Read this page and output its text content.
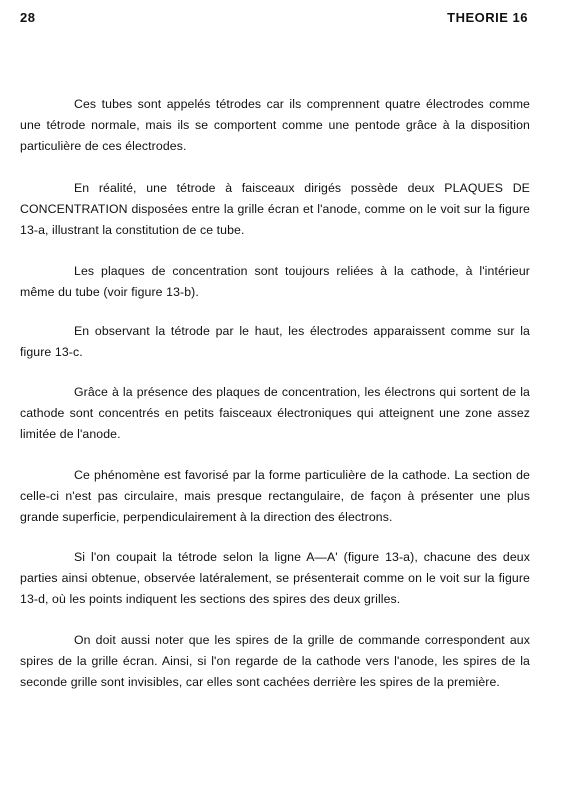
28	THEORIE 16

Ces tubes sont appelés tétrodes car ils comprennent quatre électrodes comme une tétrode normale, mais ils se comportent comme une pentode grâce à la disposition particulière de ces électrodes.

En réalité, une tétrode à faisceaux dirigés possède deux PLAQUES DE CONCENTRATION disposées entre la grille écran et l'anode, comme on le voit sur la figure 13-a, illustrant la constitution de ce tube.

Les plaques de concentration sont toujours reliées à la cathode, à l'intérieur même du tube (voir figure 13-b).

En observant la tétrode par le haut, les électrodes apparaissent comme sur la figure 13-c.

Grâce à la présence des plaques de concentration, les électrons qui sortent de la cathode sont concentrés en petits faisceaux électroniques qui atteignent une zone assez limitée de l'anode.

Ce phénomène est favorisé par la forme particulière de la cathode. La section de celle-ci n'est pas circulaire, mais presque rectangulaire, de façon à présenter une plus grande superficie, perpendiculairement à la direction des électrons.

Si l'on coupait la tétrode selon la ligne A—A' (figure 13-a), chacune des deux parties ainsi obtenue, observée latéralement, se présenterait comme on le voit sur la figure 13-d, où les points indiquent les sections des spires des deux grilles.

On doit aussi noter que les spires de la grille de commande correspondent aux spires de la grille écran. Ainsi, si l'on regarde de la cathode vers l'anode, les spires de la seconde grille sont invisibles, car elles sont cachées derrière les spires de la première.
